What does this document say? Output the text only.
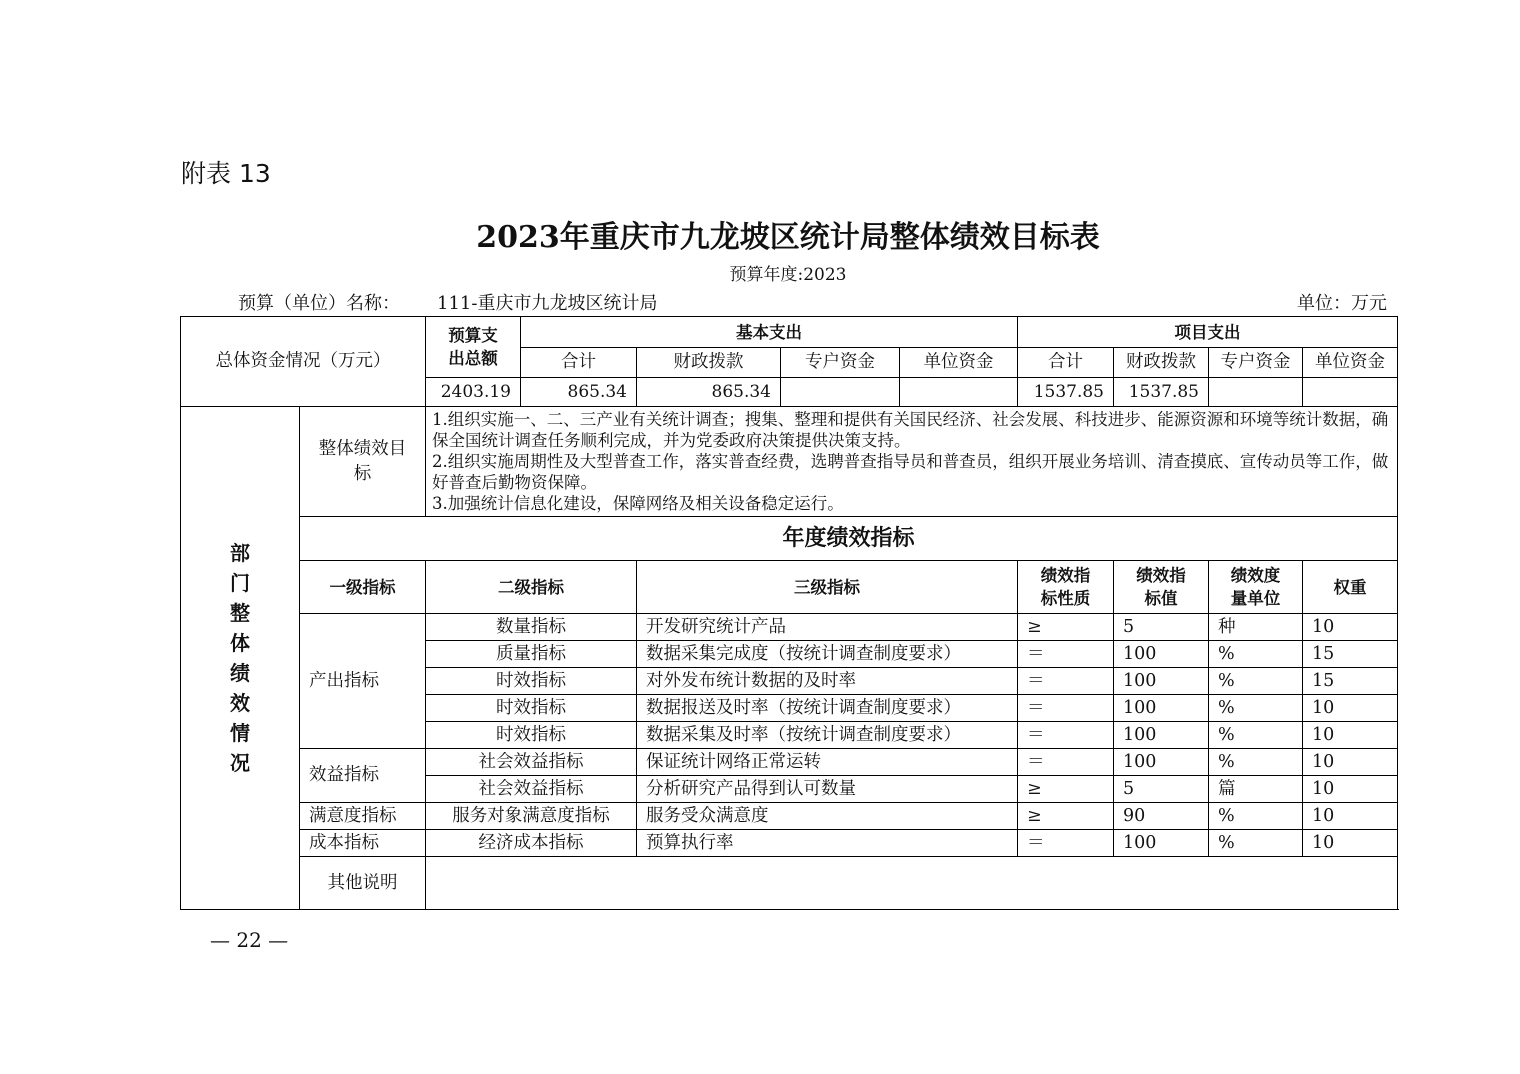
附表 13
2023年重庆市九龙坡区统计局整体绩效目标表
预算年度:2023
预算（单位）名称： 111-重庆市九龙坡区统计局	单位：万元
总体资金情况（万元）		预算支出总额	基本支出				项目支出			
			合计	财政拨款	专户资金	单位资金	合计	财政拨款	专户资金	单位资金
		2403.19	865.34	865.34			1537.85	1537.85		
部门整体绩效情况	整体绩效目标	1.组织实施一、二、三产业有关统计调查；搜集、整理和提供有关国民经济、社会发展、科技进步、能源资源和环境等统计数据，确保全国统计调查任务顺利完成，并为党委政府决策提供决策支持。
2.组织实施周期性及大型普查工作，落实普查经费，选聘普查指导员和普查员，组织开展业务培训、清查摸底、宣传动员等工作，做好普查后勤物资保障。
3.加强统计信息化建设，保障网络及相关设备稳定运行。								

	年度绩效指标									
	一级指标	二级指标		三级指标			绩效指标性质	绩效指标值	绩效度量单位	权重
	产出指标	数量指标		开发研究统计产品			≥	5	种	10
		质量指标		数据采集完成度（按统计调查制度要求）			＝	100	%	15
		时效指标		对外发布统计数据的及时率			＝	100	%	15
		时效指标		数据报送及时率（按统计调查制度要求）			＝	100	%	10
		时效指标		数据采集及时率（按统计调查制度要求）			＝	100	%	10
	效益指标	社会效益指标		保证统计网络正常运转			＝	100	%	10
		社会效益指标		分析研究产品得到认可数量			≥	5	篇	10
	满意度指标	服务对象满意度指标		服务受众满意度			≥	90	%	10
	成本指标	经济成本指标		预算执行率			＝	100	%	10
	其他说明									
— 22 —
